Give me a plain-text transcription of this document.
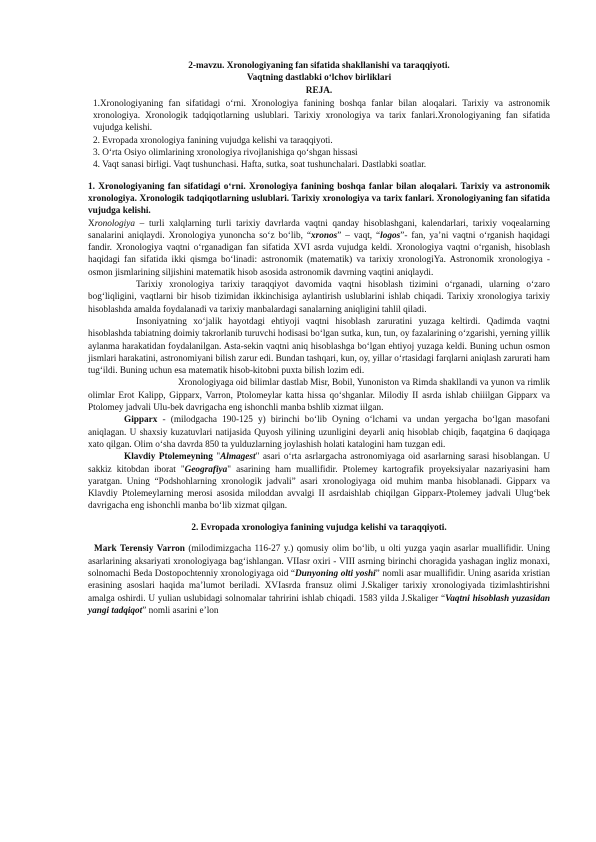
2-mavzu. Xronologiyaning fan sifatida shakllanishi va taraqqiyoti.

Vaqtning dastlabki o‘lchov birliklari

REJA.

1.Xronologiyaning fan sifatidagi o‘rni. Xronologiya fanining boshqa fanlar bilan aloqalari. Tarixiy va astronomik xronologiya. Xronologik tadqiqotlarning uslublari. Tarixiy xronologiya va tarix fanlari.Xronologiyaning fan sifatida vujudga kelishi.

2. Evropada xronologiya fanining vujudga kelishi va taraqqiyoti.

3. O‘rta Osiyo olimlarining xronologiya rivojlanishiga qo‘shgan hissasi

4. Vaqt sanasi birligi. Vaqt tushunchasi. Hafta, sutka, soat tushunchalari. Dastlabki soatlar.

1. Xronologiyaning fan sifatidagi o‘rni. Xronologiya fanining boshqa fanlar bilan aloqalari. Tarixiy va astronomik xronologiya. Xronologik tadqiqotlarning uslublari. Tarixiy xronologiya va tarix fanlari. Xronologiyaning fan sifatida vujudga kelishi.

Xronologiya – turli xalqlarning turli tarixiy davrlarda vaqtni qanday hisoblashgani, kalendarlari, tarixiy voqealarning sanalarini aniqlaydi. Xronologiya yunoncha so‘z bo‘lib, “xronos” – vaqt, “logos”- fan, ya’ni vaqtni o‘rganish haqidagi fandir. Xronologiya vaqtni o‘rganadigan fan sifatida XVI asrda vujudga keldi. Xronologiya vaqtni o‘rganish, hisoblash haqidagi fan sifatida ikki qismga bo‘linadi: astronomik (matematik) va tarixiy xronologiYa. Astronomik xronologiya - osmon jismlarining siljishini matematik hisob asosida astronomik davrning vaqtini aniqlaydi.

Tarixiy xronologiya tarixiy taraqqiyot davomida vaqtni hisoblash tizimini o‘rganadi, ularning o‘zaro bog‘liqligini, vaqtlarni bir hisob tizimidan ikkinchisiga aylantirish uslublarini ishlab chiqadi. Tarixiy xronologiya tarixiy hisoblashda amalda foydalanadi va tarixiy manbalardagi sanalarning aniqligini tahlil qiladi.

Insoniyatning xo‘jalik hayotdagi ehtiyoji vaqtni hisoblash zaruratini yuzaga keltirdi. Qadimda vaqtni hisoblashda tabiatning doimiy takrorlanib turuvchi hodisasi bo‘lgan sutka, kun, tun, oy fazalarining o‘zgarishi, yerning yillik aylanma harakatidan foydalanilgan. Asta-sekin vaqtni aniq hisoblashga bo‘lgan ehtiyoj yuzaga keldi. Buning uchun osmon jismlari harakatini, astronomiyani bilish zarur edi. Bundan tashqari, kun, oy, yillar o‘rtasidagi farqlarni aniqlash zarurati ham tug‘ildi. Buning uchun esa matematik hisob-kitobni puxta bilish lozim edi.

Xronologiyaga oid bilimlar dastlab Misr, Bobil, Yunoniston va Rimda shakllandi va yunon va rimlik olimlar Erot Kalipp, Gipparx, Varron, Ptolomeylar katta hissa qo‘shganlar. Milodiy II asrda ishlab chiiilgan Gipparx va Ptolomey jadvali Ulu-bek davrigacha eng ishonchli manba bshlib xizmat iilgan.

Gipparx - (milodgacha 190-125 y) birinchi bo‘lib Oyning o‘lchami va undan yergacha bo‘lgan masofani aniqlagan. U shaxsiy kuzatuvlari natijasida Quyosh yilining uzunligini deyarli aniq hisoblab chiqib, faqatgina 6 daqiqaga xato qilgan. Olim o‘sha davrda 850 ta yulduzlarning joylashish holati katalogini ham tuzgan edi.

Klavdiy Ptolemeyning "Almagest" asari o‘rta asrlargacha astronomiyaga oid asarlarning sarasi hisoblangan. U sakkiz kitobdan iborat "Geografiya" asarining ham muallifidir. Ptolemey kartografik proyeksiyalar nazariyasini ham yaratgan. Uning “Podshohlarning xronologik jadvali” asari xronologiyaga oid muhim manba hisoblanadi. Gipparx va Klavdiy Ptolemeylarning merosi asosida miloddan avvalgi II asrdaishlab chiqilgan Gipparx-Ptolemey jadvali Ulug‘bek davrigacha eng ishonchli manba bo‘lib xizmat qilgan.

2. Evropada xronologiya fanining vujudga kelishi va taraqqiyoti.

Mark Terensiy Varron (milodimizgacha 116-27 y.) qomusiy olim bo‘lib, u olti yuzga yaqin asarlar muallifidir. Uning asarlarining aksariyati xronologiyaga bag‘ishlangan. VIIasr oxiri - VIII asrning birinchi choragida yashagan ingliz monaxi, solnomachi Beda Dostopochtenniy xronologiyaga oid “Dunyoning olti yoshi” nomli asar muallifidir. Uning asarida xristian erasining asoslari haqida ma’lumot beriladi. XVIasrda fransuz olimi J.Skaliger tarixiy xronologiyada tizimlashtirishni amalga oshirdi. U yulian uslubidagi solnomalar tahririni ishlab chiqadi. 1583 yilda J.Skaliger “Vaqtni hisoblash yuzasidan yangi tadqiqot” nomli asarini e’lon
